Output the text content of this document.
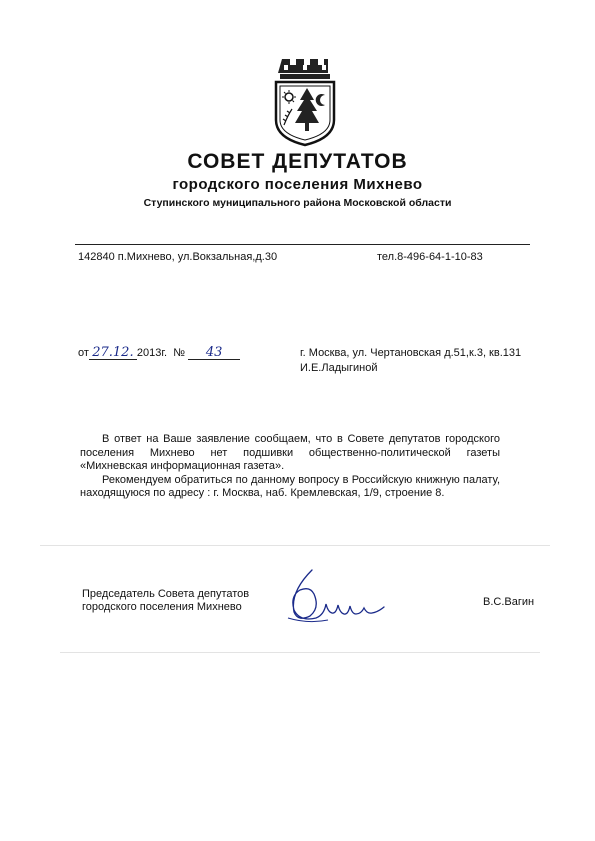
СОВЕТ ДЕПУТАТОВ
городского поселения Михнево
Ступинского муниципального района Московской области
142840 п.Михнево, ул.Вокзальная,д.30	тел.8-496-64-1-10-83
от 27.12. 2013г. № 43	г. Москва, ул. Чертановская д.51,к.3, кв.131
И.Е.Ладыгиной

В ответ на Ваше заявление сообщаем, что в Совете депутатов городского поселения Михнево нет подшивки общественно-политической газеты «Михневская информационная газета».

Рекомендуем обратиться по данному вопросу в Российскую книжную палату, находящуюся по адресу : г. Москва, наб. Кремлевская, 1/9, строение 8.

Председатель Совета депутатов
городского поселения Михнево	В.С.Вагин
